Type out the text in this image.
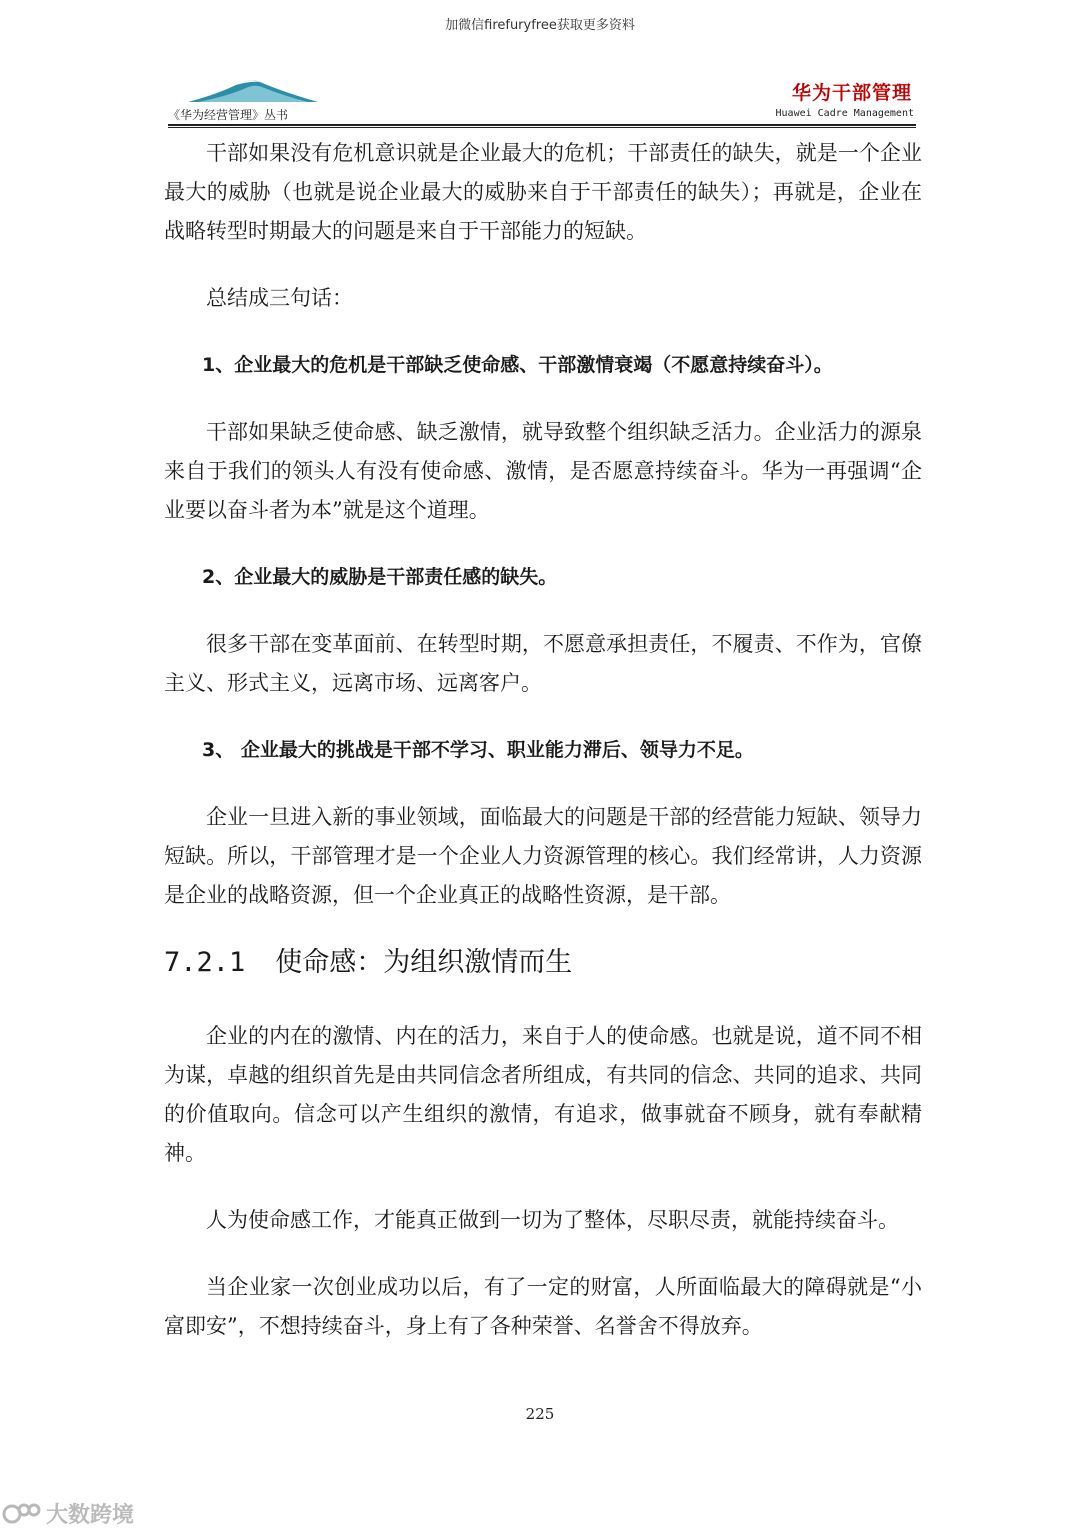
加微信firefuryfree获取更多资料
《华为经营管理》丛书
华为干部管理
Huawei Cadre Management

干部如果没有危机意识就是企业最大的危机；干部责任的缺失，就是一个企业最大的威胁（也就是说企业最大的威胁来自于干部责任的缺失）；再就是，企业在战略转型时期最大的问题是来自于干部能力的短缺。

总结成三句话：

1、企业最大的危机是干部缺乏使命感、干部激情衰竭（不愿意持续奋斗）。

干部如果缺乏使命感、缺乏激情，就导致整个组织缺乏活力。企业活力的源泉来自于我们的领头人有没有使命感、激情，是否愿意持续奋斗。华为一再强调“企业要以奋斗者为本”就是这个道理。

2、企业最大的威胁是干部责任感的缺失。

很多干部在变革面前、在转型时期，不愿意承担责任，不履责、不作为，官僚主义、形式主义，远离市场、远离客户。

3、 企业最大的挑战是干部不学习、职业能力滞后、领导力不足。

企业一旦进入新的事业领域，面临最大的问题是干部的经营能力短缺、领导力短缺。所以，干部管理才是一个企业人力资源管理的核心。我们经常讲，人力资源是企业的战略资源，但一个企业真正的战略性资源，是干部。

7.2.1 使命感：为组织激情而生

企业的内在的激情、内在的活力，来自于人的使命感。也就是说，道不同不相为谋，卓越的组织首先是由共同信念者所组成，有共同的信念、共同的追求、共同的价值取向。信念可以产生组织的激情，有追求，做事就奋不顾身，就有奉献精神。

人为使命感工作，才能真正做到一切为了整体，尽职尽责，就能持续奋斗。

当企业家一次创业成功以后，有了一定的财富，人所面临最大的障碍就是“小富即安”，不想持续奋斗，身上有了各种荣誉、名誉舍不得放弃。

225
大数跨境
